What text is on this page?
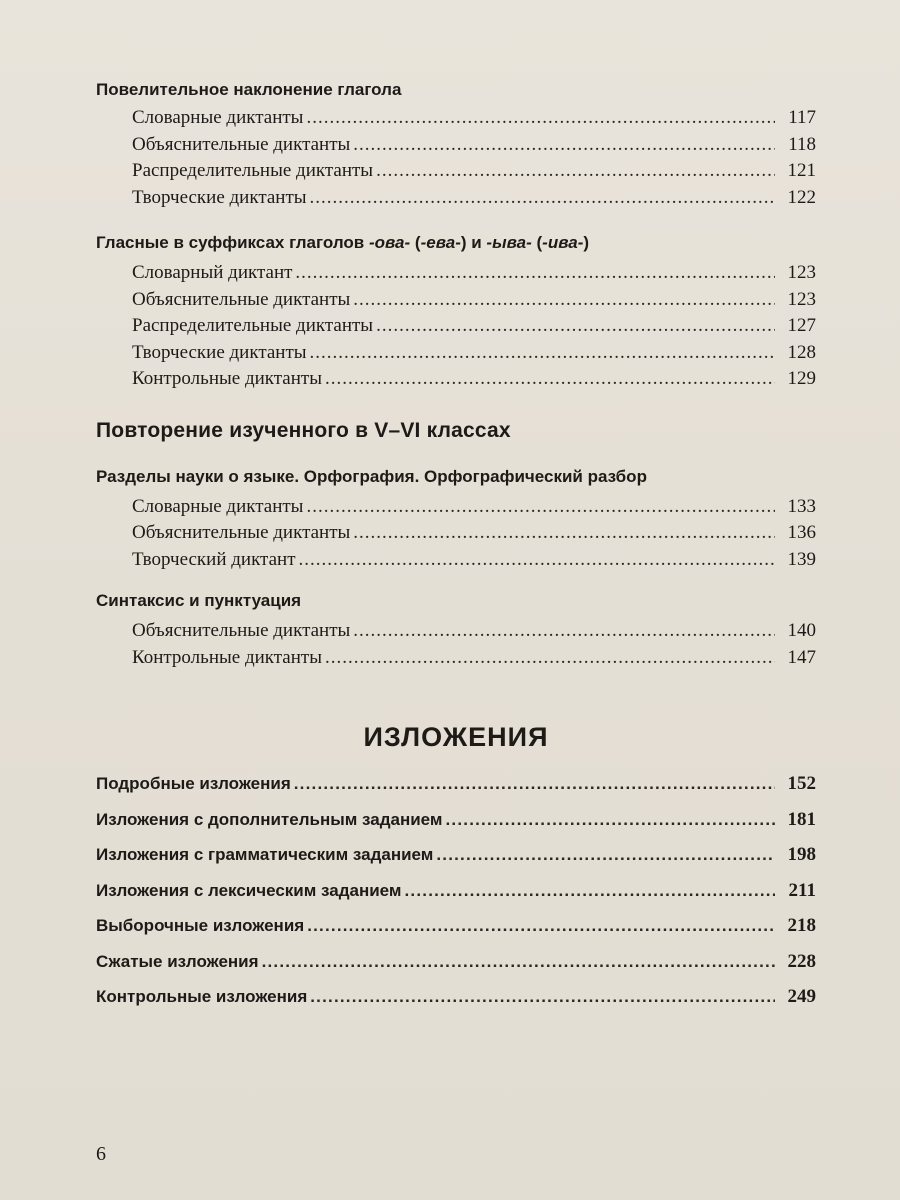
Повелительное наклонение глагола

Словарные диктанты .....	117
Объяснительные диктанты .....	118
Распределительные диктанты .....	121
Творческие диктанты .....	122

Гласные в суффиксах глаголов -ова- (-ева-) и -ыва- (-ива-)

Словарный диктант .....	123
Объяснительные диктанты .....	123
Распределительные диктанты .....	127
Творческие диктанты .....	128
Контрольные диктанты .....	129

Повторение изученного в V–VI классах

Разделы науки о языке. Орфография. Орфографический разбор

Словарные диктанты .....	133
Объяснительные диктанты .....	136
Творческий диктант .....	139

Синтаксис и пунктуация

Объяснительные диктанты .....	140
Контрольные диктанты .....	147

ИЗЛОЖЕНИЯ

Подробные изложения .....	152
Изложения с дополнительным заданием .....	181
Изложения с грамматическим заданием .....	198
Изложения с лексическим заданием .....	211
Выборочные изложения .....	218
Сжатые изложения .....	228
Контрольные изложения .....	249
6
